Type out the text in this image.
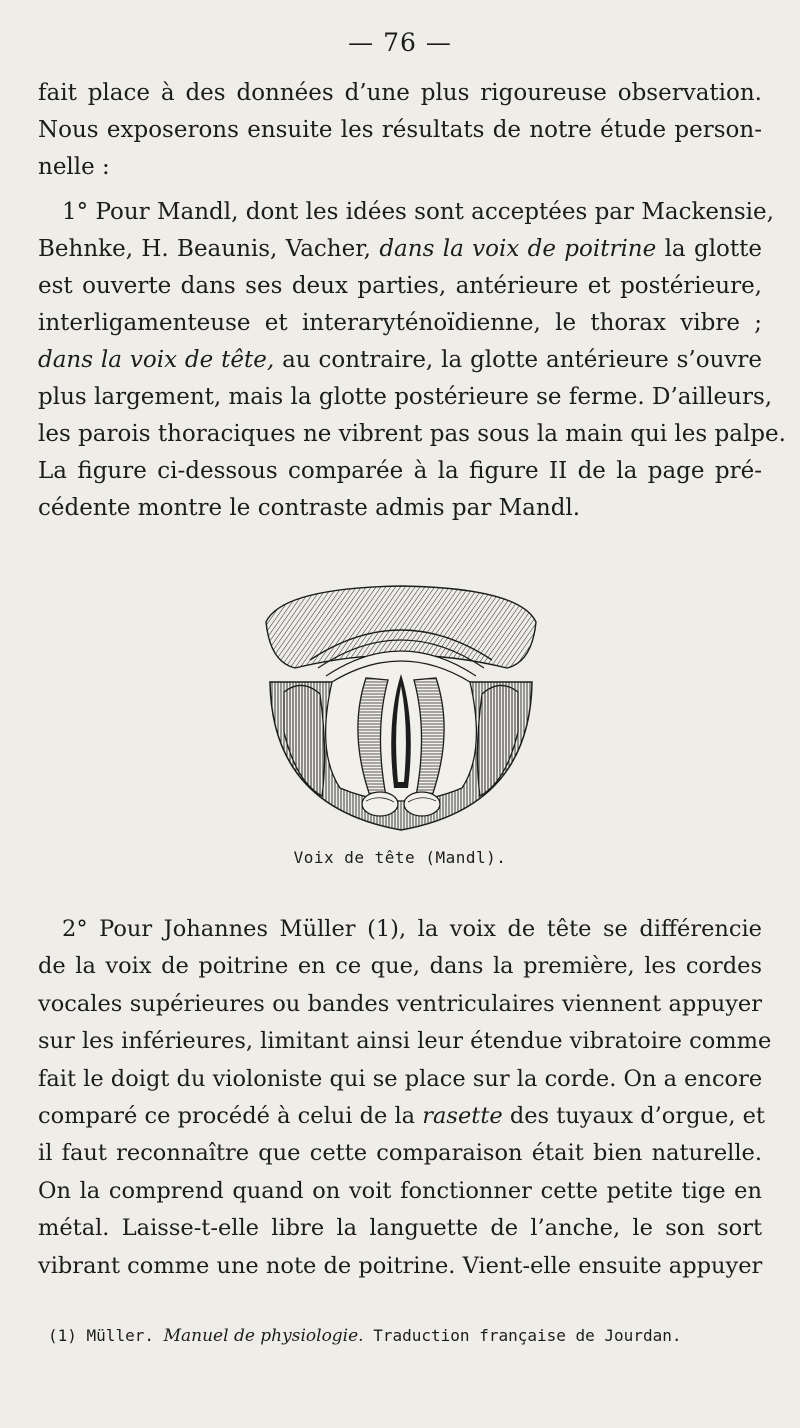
— 76 —
fait place à des données d’une plus rigoureuse observation.
Nous exposerons ensuite les résultats de notre étude person-
nelle :
1° Pour Mandl, dont les idées sont acceptées par Mackensie,
Behnke, H. Beaunis, Vacher, dans la voix de poitrine la glotte
est ouverte dans ses deux parties, antérieure et postérieure,
interligamenteuse et interaryténoïdienne, le thorax vibre ;
dans la voix de tête, au contraire, la glotte antérieure s’ouvre
plus largement, mais la glotte postérieure se ferme. D’ailleurs,
les parois thoraciques ne vibrent pas sous la main qui les palpe.
La figure ci-dessous comparée à la figure II de la page pré-
cédente montre le contraste admis par Mandl.
Voix de tête (Mandl).
2° Pour Johannes Müller (1), la voix de tête se différencie
de la voix de poitrine en ce que, dans la première, les cordes
vocales supérieures ou bandes ventriculaires viennent appuyer
sur les inférieures, limitant ainsi leur étendue vibratoire comme
fait le doigt du violoniste qui se place sur la corde. On a encore
comparé ce procédé à celui de la rasette des tuyaux d’orgue, et
il faut reconnaître que cette comparaison était bien naturelle.
On la comprend quand on voit fonctionner cette petite tige en
métal. Laisse-t-elle libre la languette de l’anche, le son sort
vibrant comme une note de poitrine. Vient-elle ensuite appuyer
(1) Müller. Manuel de physiologie. Traduction française de Jourdan.
